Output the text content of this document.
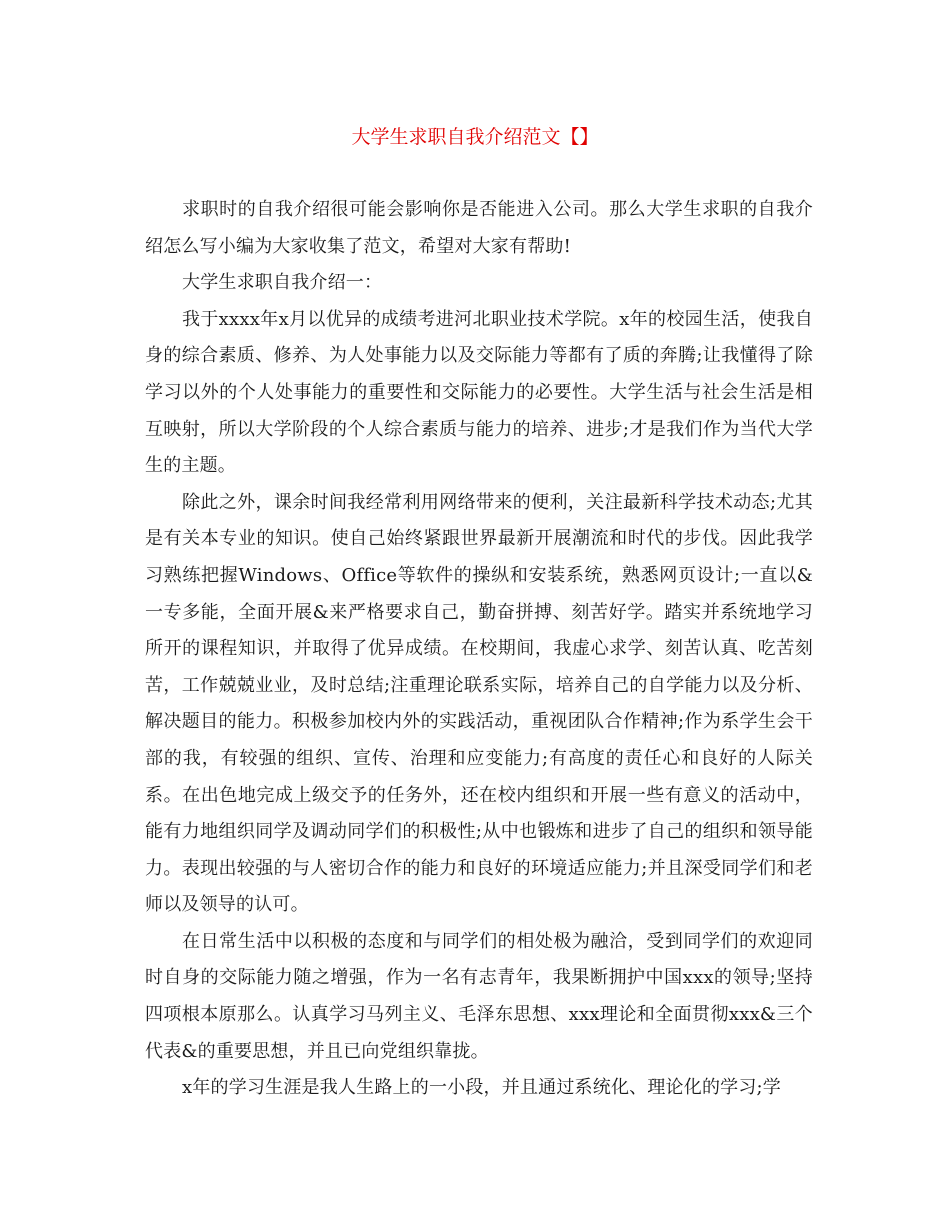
大学生求职自我介绍范文【】

求职时的自我介绍很可能会影响你是否能进入公司。那么大学生求职的自我介绍怎么写小编为大家收集了范文，希望对大家有帮助!

大学生求职自我介绍一：

我于xxxx年x月以优异的成绩考进河北职业技术学院。x年的校园生活，使我自身的综合素质、修养、为人处事能力以及交际能力等都有了质的奔腾;让我懂得了除学习以外的个人处事能力的重要性和交际能力的必要性。大学生活与社会生活是相互映射，所以大学阶段的个人综合素质与能力的培养、进步;才是我们作为当代大学生的主题。

除此之外，课余时间我经常利用网络带来的便利，关注最新科学技术动态;尤其是有关本专业的知识。使自己始终紧跟世界最新开展潮流和时代的步伐。因此我学习熟练把握Windows、Office等软件的操纵和安装系统，熟悉网页设计;一直以&一专多能，全面开展&来严格要求自己，勤奋拼搏、刻苦好学。踏实并系统地学习所开的课程知识，并取得了优异成绩。在校期间，我虚心求学、刻苦认真、吃苦刻苦，工作兢兢业业，及时总结;注重理论联系实际，培养自己的自学能力以及分析、解决题目的能力。积极参加校内外的实践活动，重视团队合作精神;作为系学生会干部的我，有较强的组织、宣传、治理和应变能力;有高度的责任心和良好的人际关系。在出色地完成上级交予的任务外，还在校内组织和开展一些有意义的活动中，能有力地组织同学及调动同学们的积极性;从中也锻炼和进步了自己的组织和领导能力。表现出较强的与人密切合作的能力和良好的环境适应能力;并且深受同学们和老师以及领导的认可。

在日常生活中以积极的态度和与同学们的相处极为融洽，受到同学们的欢迎同时自身的交际能力随之增强，作为一名有志青年，我果断拥护中国xxx的领导;坚持四项根本原那么。认真学习马列主义、毛泽东思想、xxx理论和全面贯彻xxx&三个代表&的重要思想，并且已向党组织靠拢。

x年的学习生涯是我人生路上的一小段，并且通过系统化、理论化的学习;学
